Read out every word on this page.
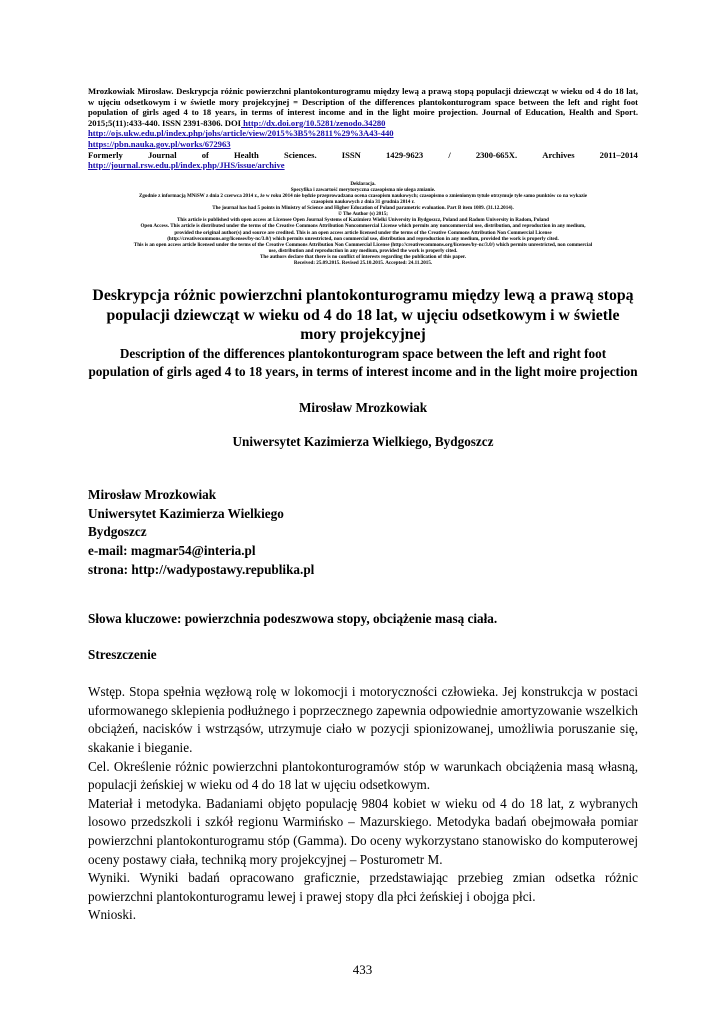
Mrozkowiak Mirosław. Deskrypcja różnic powierzchni plantokonturogramu między lewą a prawą stopą populacji dziewcząt w wieku od 4 do 18 lat, w ujęciu odsetkowym i w świetle mory projekcyjnej = Description of the differences plantokonturogram space between the left and right foot population of girls aged 4 to 18 years, in terms of interest income and in the light moire projection. Journal of Education, Health and Sport. 2015;5(11):433-440. ISSN 2391-8306. DOI http://dx.doi.org/10.5281/zenodo.34280
http://ojs.ukw.edu.pl/index.php/johs/article/view/2015%3B5%2811%29%3A43-440
https://pbn.nauka.gov.pl/works/672963
Formerly	Journal	of	Health	Sciences.	ISSN	1429-9623	/	2300-665X.	Archives	2011–2014
http://journal.rsw.edu.pl/index.php/JHS/issue/archive
Deklaracja.
Specyfika i zawartość merytoryczna czasopisma nie ulega zmianie.
Zgodnie z informacją MNiSW z dnia 2 czerwca 2014 r., że w roku 2014 nie będzie przeprowadzana ocena czasopism naukowych; czasopismo o zmienionym tytule otrzymuje tyle samo punktów co na wykazie
czasopism naukowych z dnia 31 grudnia 2014 r.
The journal has had 5 points in Ministry of Science and Higher Education of Poland parametric evaluation. Part B item 1089. (31.12.2014).
© The Author (s) 2015;
This article is published with open access at Licensee Open Journal Systems of Kazimierz Wielki University in Bydgoszcz, Poland and Radom University in Radom, Poland
Open Access. This article is distributed under the terms of the Creative Commons Attribution Noncommercial License which permits any noncommercial use, distribution, and reproduction in any medium,
provided the original author(s) and source are credited. This is an open access article licensed under the terms of the Creative Commons Attribution Non Commercial License
(http://creativecommons.org/licenses/by-nc/3.0/) which permits unrestricted, non commercial use, distribution and reproduction in any medium, provided the work is properly cited.
This is an open access article licensed under the terms of the Creative Commons Attribution Non Commercial License (http://creativecommons.org/licenses/by-nc/3.0/) which permits unrestricted, non commercial
use, distribution and reproduction in any medium, provided the work is properly cited.
The authors declare that there is no conflict of interests regarding the publication of this paper.
Received: 25.09.2015. Revised 25.10.2015. Accepted: 24.11.2015.
Deskrypcja różnic powierzchni plantokonturogramu między lewą a prawą stopą populacji dziewcząt w wieku od 4 do 18 lat, w ujęciu odsetkowym i w świetle mory projekcyjnej
Description of the differences plantokonturogram space between the left and right foot population of girls aged 4 to 18 years, in terms of interest income and in the light moire projection
Mirosław Mrozkowiak
Uniwersytet Kazimierza Wielkiego, Bydgoszcz
Mirosław Mrozkowiak
Uniwersytet Kazimierza Wielkiego
Bydgoszcz
e-mail: magmar54@interia.pl
strona: http://wadypostawy.republika.pl
Słowa kluczowe: powierzchnia podeszwowa stopy, obciążenie masą ciała.
Streszczenie

Wstęp. Stopa spełnia węzłową rolę w lokomocji i motoryczności człowieka. Jej konstrukcja w postaci uformowanego sklepienia podłużnego i poprzecznego zapewnia odpowiednie amortyzowanie wszelkich obciążeń, nacisków i wstrząsów, utrzymuje ciało w pozycji spionizowanej, umożliwia poruszanie się, skakanie i bieganie.

Cel. Określenie różnic powierzchni plantokonturogramów stóp w warunkach obciążenia masą własną, populacji żeńskiej w wieku od 4 do 18 lat w ujęciu odsetkowym.

Materiał i metodyka. Badaniami objęto populację 9804 kobiet w wieku od 4 do 18 lat, z wybranych losowo przedszkoli i szkół regionu Warmińsko – Mazurskiego. Metodyka badań obejmowała pomiar powierzchni plantokonturogramu stóp (Gamma). Do oceny wykorzystano stanowisko do komputerowej oceny postawy ciała, techniką mory projekcyjnej – Posturometr M.

Wyniki. Wyniki badań opracowano graficznie, przedstawiając przebieg zmian odsetka różnic powierzchni plantokonturogramu lewej i prawej stopy dla płci żeńskiej i obojga płci.

Wnioski.

433
